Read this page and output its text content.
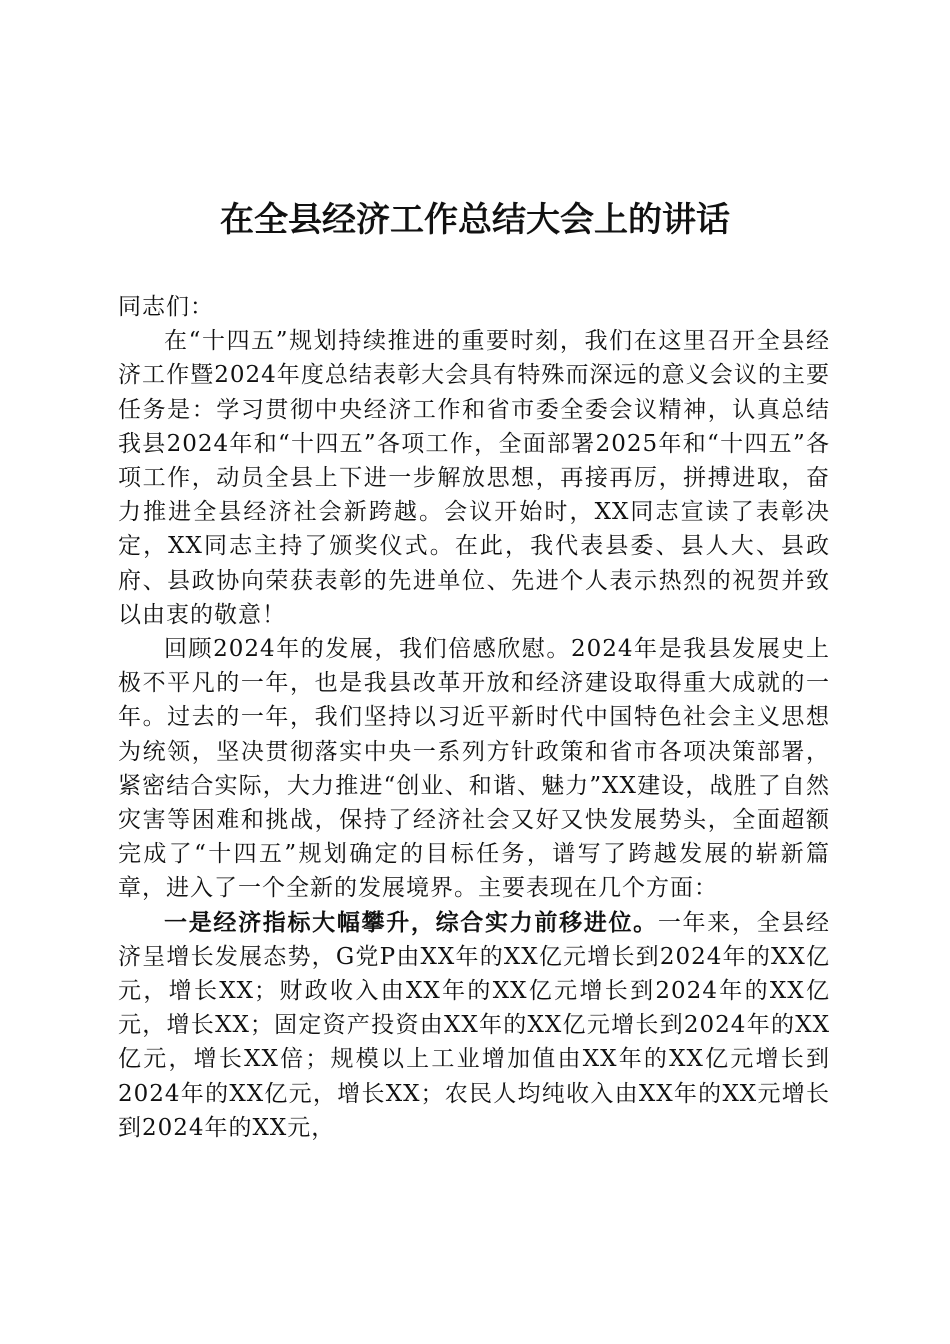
在全县经济工作总结大会上的讲话

同志们：

在“十四五”规划持续推进的重要时刻，我们在这里召开全县经济工作暨2024年度总结表彰大会具有特殊而深远的意义会议的主要任务是：学习贯彻中央经济工作和省市委全委会议精神，认真总结我县2024年和“十四五”各项工作，全面部署2025年和“十四五”各项工作，动员全县上下进一步解放思想，再接再厉，拼搏进取，奋力推进全县经济社会新跨越。会议开始时，XX同志宣读了表彰决定，XX同志主持了颁奖仪式。在此，我代表县委、县人大、县政府、县政协向荣获表彰的先进单位、先进个人表示热烈的祝贺并致以由衷的敬意！

回顾2024年的发展，我们倍感欣慰。2024年是我县发展史上极不平凡的一年，也是我县改革开放和经济建设取得重大成就的一年。过去的一年，我们坚持以习近平新时代中国特色社会主义思想为统领，坚决贯彻落实中央一系列方针政策和省市各项决策部署，紧密结合实际，大力推进“创业、和谐、魅力”XX建设，战胜了自然灾害等困难和挑战，保持了经济社会又好又快发展势头，全面超额完成了“十四五”规划确定的目标任务，谱写了跨越发展的崭新篇章，进入了一个全新的发展境界。主要表现在几个方面：

一是经济指标大幅攀升，综合实力前移进位。一年来，全县经济呈增长发展态势，G党P由XX年的XX亿元增长到2024年的XX亿元，增长XX；财政收入由XX年的XX亿元增长到2024年的XX亿元，增长XX；固定资产投资由XX年的XX亿元增长到2024年的XX亿元，增长XX倍；规模以上工业增加值由XX年的XX亿元增长到2024年的XX亿元，增长XX；农民人均纯收入由XX年的XX元增长到2024年的XX元，
